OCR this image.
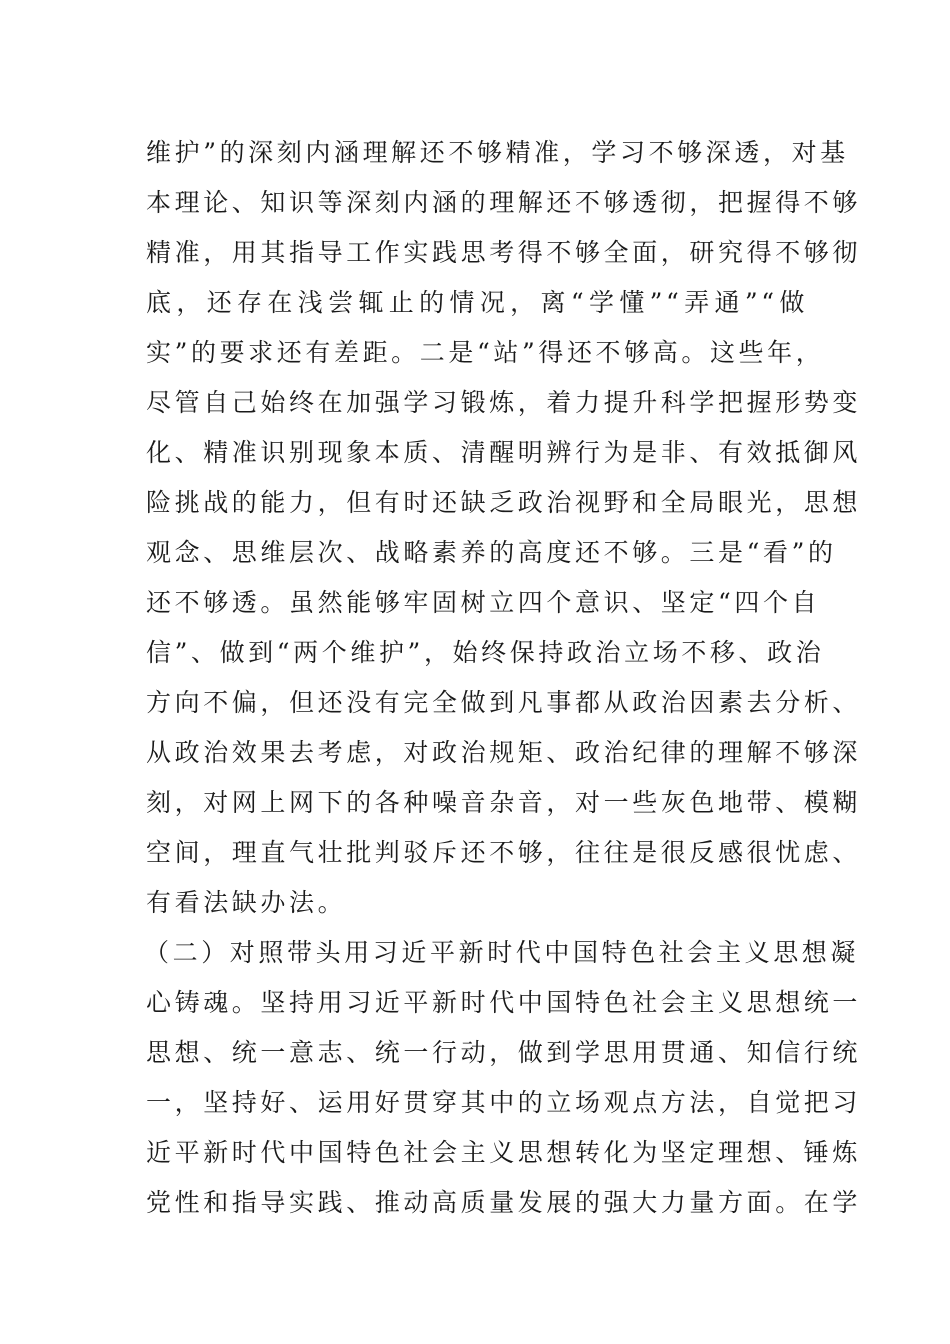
维护”的深刻内涵理解还不够精准，学习不够深透，对基
本理论、知识等深刻内涵的理解还不够透彻，把握得不够
精准，用其指导工作实践思考得不够全面，研究得不够彻
底，还存在浅尝辄止的情况，离“学懂”“弄通”“做
实”的要求还有差距。二是“站”得还不够高。这些年，
尽管自己始终在加强学习锻炼，着力提升科学把握形势变
化、精准识别现象本质、清醒明辨行为是非、有效抵御风
险挑战的能力，但有时还缺乏政治视野和全局眼光，思想
观念、思维层次、战略素养的高度还不够。三是“看”的
还不够透。虽然能够牢固树立四个意识、坚定“四个自
信”、做到“两个维护”，始终保持政治立场不移、政治
方向不偏，但还没有完全做到凡事都从政治因素去分析、
从政治效果去考虑，对政治规矩、政治纪律的理解不够深
刻，对网上网下的各种噪音杂音，对一些灰色地带、模糊
空间，理直气壮批判驳斥还不够，往往是很反感很忧虑、
有看法缺办法。
（二）对照带头用习近平新时代中国特色社会主义思想凝
心铸魂。坚持用习近平新时代中国特色社会主义思想统一
思想、统一意志、统一行动，做到学思用贯通、知信行统
一，坚持好、运用好贯穿其中的立场观点方法，自觉把习
近平新时代中国特色社会主义思想转化为坚定理想、锤炼
党性和指导实践、推动高质量发展的强大力量方面。在学
